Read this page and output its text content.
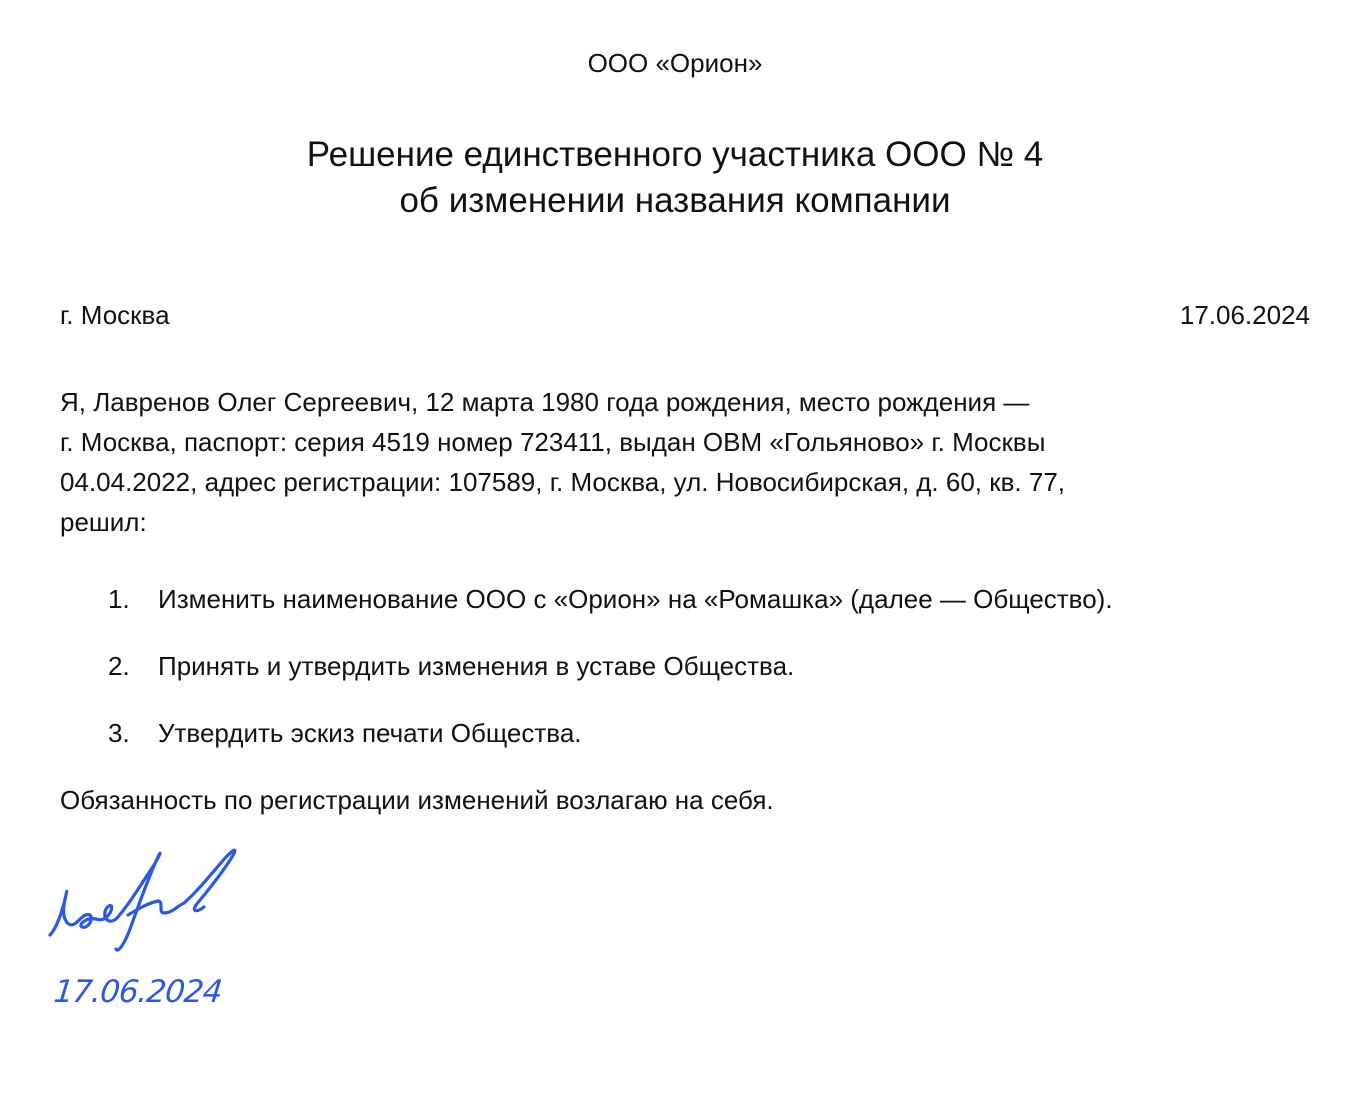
ООО «Орион»
Решение единственного участника ООО № 4
об изменении названия компании
г. Москва	17.06.2024
Я, Лавренов Олег Сергеевич, 12 марта 1980 года рождения, место рождения —
г. Москва, паспорт: серия 4519 номер 723411, выдан ОВМ «Гольяново» г. Москвы
04.04.2022, адрес регистрации: 107589, г. Москва, ул. Новосибирская, д. 60, кв. 77,
решил:
1. Изменить наименование ООО с «Орион» на «Ромашка» (далее — Общество).
2. Принять и утвердить изменения в уставе Общества.
3. Утвердить эскиз печати Общества.
Обязанность по регистрации изменений возлагаю на себя.
17.06.2024
